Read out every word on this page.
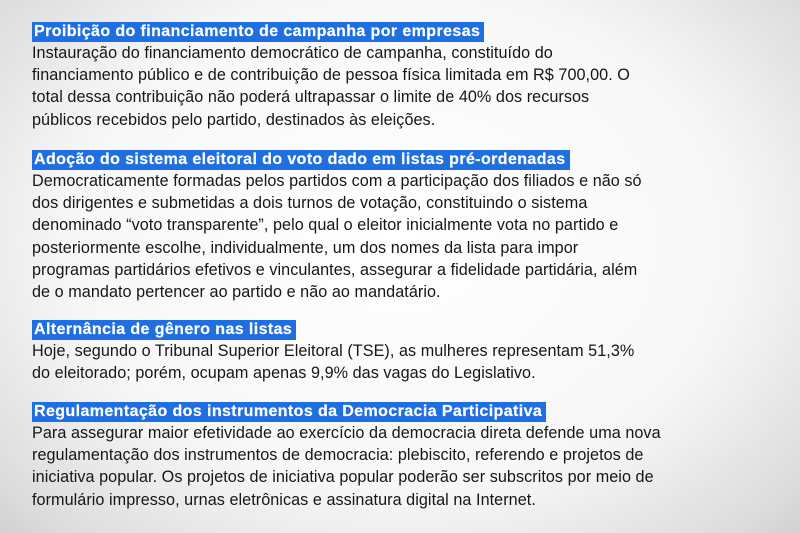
Proibição do financiamento de campanha por empresas

Instauração do financiamento democrático de campanha, constituído do
financiamento público e de contribuição de pessoa física limitada em R$ 700,00. O
total dessa contribuição não poderá ultrapassar o limite de 40% dos recursos
públicos recebidos pelo partido, destinados às eleições.

Adoção do sistema eleitoral do voto dado em listas pré-ordenadas

Democraticamente formadas pelos partidos com a participação dos filiados e não só
dos dirigentes e submetidas a dois turnos de votação, constituindo o sistema
denominado “voto transparente”, pelo qual o eleitor inicialmente vota no partido e
posteriormente escolhe, individualmente, um dos nomes da lista para impor
programas partidários efetivos e vinculantes, assegurar a fidelidade partidária, além
de o mandato pertencer ao partido e não ao mandatário.

Alternância de gênero nas listas

Hoje, segundo o Tribunal Superior Eleitoral (TSE), as mulheres representam 51,3%
do eleitorado; porém, ocupam apenas 9,9% das vagas do Legislativo.

Regulamentação dos instrumentos da Democracia Participativa

Para assegurar maior efetividade ao exercício da democracia direta defende uma nova
regulamentação dos instrumentos de democracia: plebiscito, referendo e projetos de
iniciativa popular. Os projetos de iniciativa popular poderão ser subscritos por meio de
formulário impresso, urnas eletrônicas e assinatura digital na Internet.
